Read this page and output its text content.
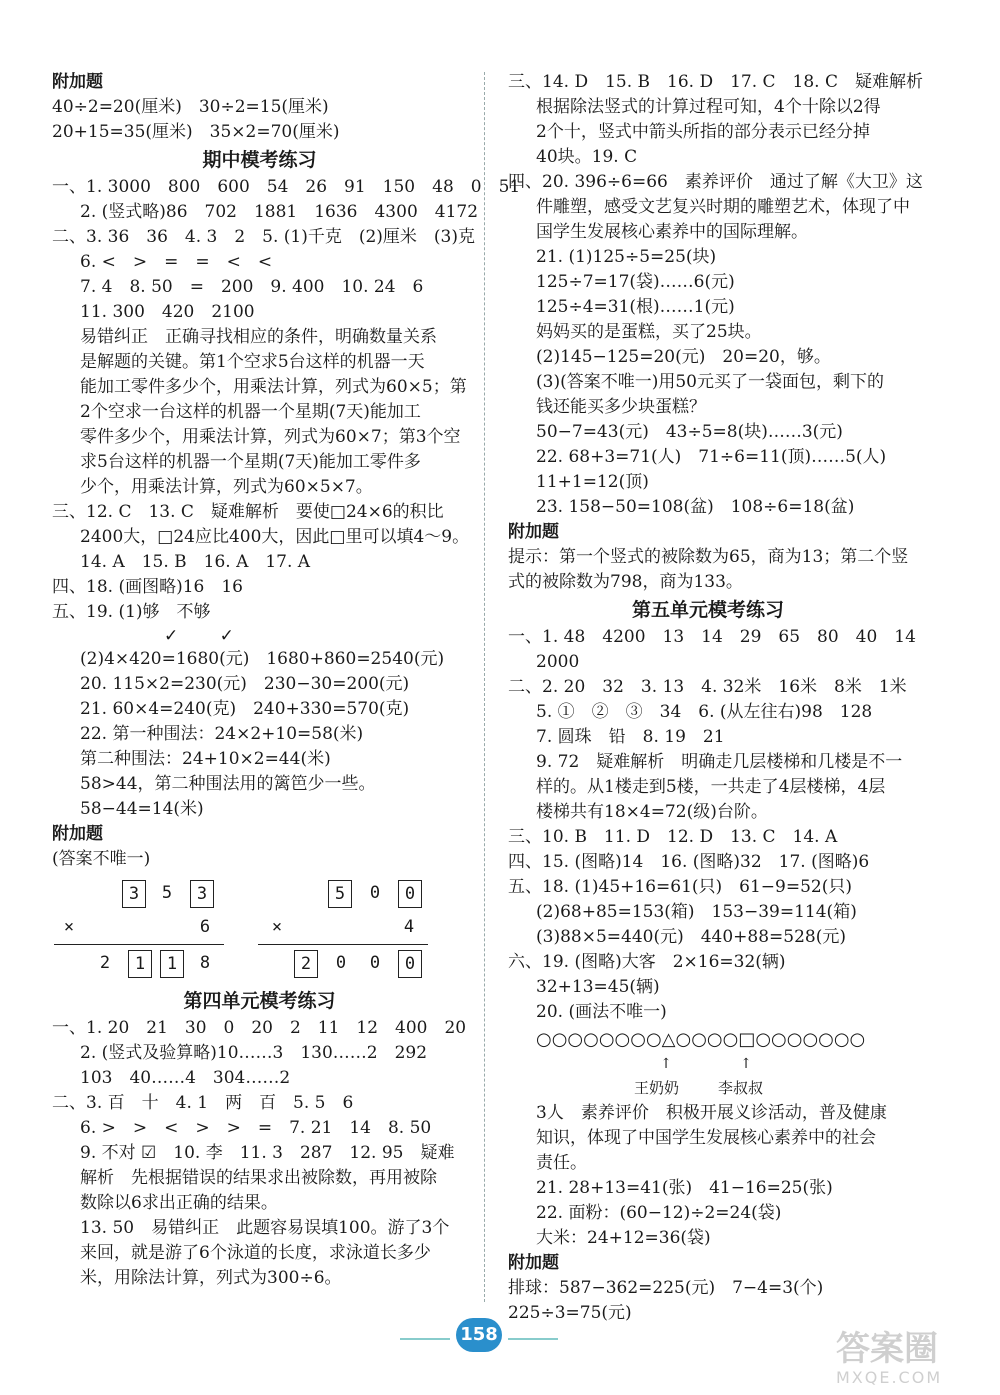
附加题
40÷2=20(厘米)　30÷2=15(厘米)
20+15=35(厘米)　35×2=70(厘米)
期中模考练习
一、1. 3000　800　600　54　26　91　150　48　0　51
2. (竖式略)86　702　1881　1636　4300　4172
二、3. 36　36　4. 3　2　5. (1)千克　(2)厘米　(3)克
6. <　>　=　=　<　<
7. 4　8. 50　=　200　9. 400　10. 24　6
11. 300　420　2100
易错纠正　正确寻找相应的条件，明确数量关系
是解题的关键。第1个空求5台这样的机器一天
能加工零件多少个，用乘法计算，列式为60×5；第
2个空求一台这样的机器一个星期(7天)能加工
零件多少个，用乘法计算，列式为60×7；第3个空
求5台这样的机器一个星期(7天)能加工零件多
少个，用乘法计算，列式为60×5×7。
三、12. C　13. C　疑难解析　要使□24×6的积比
2400大，□24应比400大，因此□里可以填4～9。
14. A　15. B　16. A　17. A
四、18. (画图略)16　16
五、19. (1)够　不够
✓ ✓
(2)4×420=1680(元)　1680+860=2540(元)
20. 115×2=230(元)　230−30=200(元)
21. 60×4=240(克)　240+330=570(克)
22. 第一种围法：24×2+10=58(米)
第二种围法：24+10×2=44(米)
58>44，第二种围法用的篱笆少一些。
58−44=14(米)
附加题
(答案不唯一)
3	5	3
×	6
2	1	1	8
5	0	0
×	4
2	0	0	0
第四单元模考练习
一、1. 20　21　30　0　20　2　11　12　400　20
2. (竖式及验算略)10……3　130……2　292
103　40……4　304……2
二、3. 百　十　4. 1　两　百　5. 5　6
6. >　>　<　>　>　=　7. 21　14　8. 50
9. 不对 ☑　10. 李　11. 3　287　12. 95　疑难
解析　先根据错误的结果求出被除数，再用被除
数除以6求出正确的结果。
13. 50　易错纠正　此题容易误填100。游了3个
来回，就是游了6个泳道的长度，求泳道长多少
米，用除法计算，列式为300÷6。
三、14. D　15. B　16. D　17. C　18. C　疑难解析
根据除法竖式的计算过程可知，4个十除以2得
2个十，竖式中箭头所指的部分表示已经分掉
40块。19. C
四、20. 396÷6=66　素养评价　通过了解《大卫》这
件雕塑，感受文艺复兴时期的雕塑艺术，体现了中
国学生发展核心素养中的国际理解。
21. (1)125÷5=25(块)
125÷7=17(袋)……6(元)
125÷4=31(根)……1(元)
妈妈买的是蛋糕，买了25块。
(2)145−125=20(元)　20=20，够。
(3)(答案不唯一)用50元买了一袋面包，剩下的
钱还能买多少块蛋糕？
50−7=43(元)　43÷5=8(块)……3(元)
22. 68+3=71(人)　71÷6=11(顶)……5(人)
11+1=12(顶)
23. 158−50=108(盆)　108÷6=18(盆)
附加题
提示：第一个竖式的被除数为65，商为13；第二个竖
式的被除数为798，商为133。
第五单元模考练习
一、1. 48　4200　13　14　29　65　80　40　14
2000
二、2. 20　32　3. 13　4. 32米　16米　8米　1米
5. ①　②　③　34　6. (从左往右)98　128
7. 圆珠　铅　8. 19　21
9. 72　疑难解析　明确走几层楼梯和几楼是不一
样的。从1楼走到5楼，一共走了4层楼梯，4层
楼梯共有18×4=72(级)台阶。
三、10. B　11. D　12. D　13. C　14. A
四、15. (图略)14　16. (图略)32　17. (图略)6
五、18. (1)45+16=61(只)　61−9=52(只)
(2)68+85=153(箱)　153−39=114(箱)
(3)88×5=440(元)　440+88=528(元)
六、19. (图略)大客　2×16=32(辆)
32+13=45(辆)
20. (画法不唯一)
○○○○○○○○△○○○○□○○○○○○○
↑	↑
王奶奶	李叔叔
3人　素养评价　积极开展义诊活动，普及健康
知识，体现了中国学生发展核心素养中的社会
责任。
21. 28+13=41(张)　41−16=25(张)
22. 面粉：(60−12)÷2=24(袋)
大米：24+12=36(袋)
附加题
排球：587−362=225(元)　7−4=3(个)
225÷3=75(元)
158	答案圈
MXQE.COM
